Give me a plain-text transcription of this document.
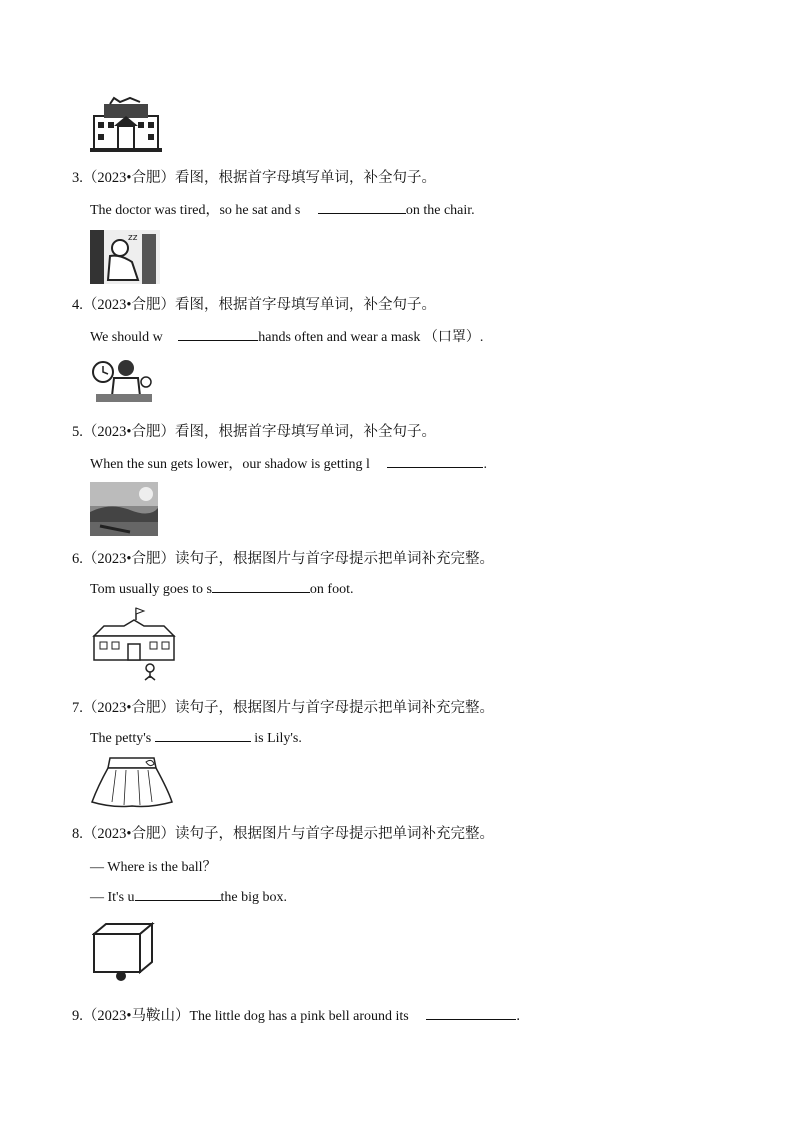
3.（2023•合肥）看图，根据首字母填写单词，补全句子。
The doctor was tired，so he sat and s	on the chair.
zz
4.（2023•合肥）看图，根据首字母填写单词，补全句子。
We should w	hands often and wear a mask （口罩）.
5.（2023•合肥）看图，根据首字母填写单词，补全句子。
When the sun gets lower，our shadow is getting l	.
6.（2023•合肥）读句子，根据图片与首字母提示把单词补充完整。
Tom usually goes to s	on foot.
7.（2023•合肥）读句子，根据图片与首字母提示把单词补充完整。
The petty's	is Lily's.
8.（2023•合肥）读句子，根据图片与首字母提示把单词补充完整。
— Where is the ball？
— It's u	the big box.
9.（2023•马鞍山）The little dog has a pink bell around its	.
